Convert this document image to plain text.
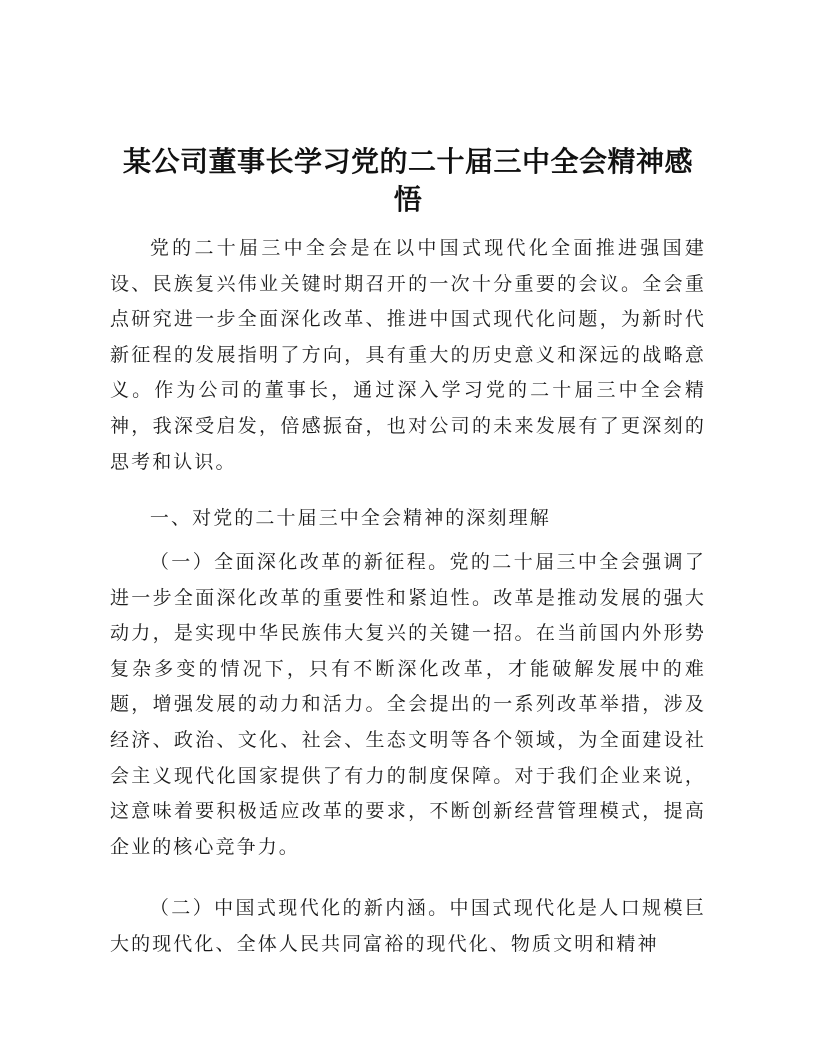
某公司董事长学习党的二十届三中全会精神感悟

党的二十届三中全会是在以中国式现代化全面推进强国建设、民族复兴伟业关键时期召开的一次十分重要的会议。全会重点研究进一步全面深化改革、推进中国式现代化问题，为新时代新征程的发展指明了方向，具有重大的历史意义和深远的战略意义。作为公司的董事长，通过深入学习党的二十届三中全会精神，我深受启发，倍感振奋，也对公司的未来发展有了更深刻的思考和认识。

一、对党的二十届三中全会精神的深刻理解

（一）全面深化改革的新征程。党的二十届三中全会强调了进一步全面深化改革的重要性和紧迫性。改革是推动发展的强大动力，是实现中华民族伟大复兴的关键一招。在当前国内外形势复杂多变的情况下，只有不断深化改革，才能破解发展中的难题，增强发展的动力和活力。全会提出的一系列改革举措，涉及经济、政治、文化、社会、生态文明等各个领域，为全面建设社会主义现代化国家提供了有力的制度保障。对于我们企业来说，这意味着要积极适应改革的要求，不断创新经营管理模式，提高企业的核心竞争力。

（二）中国式现代化的新内涵。中国式现代化是人口规模巨大的现代化、全体人民共同富裕的现代化、物质文明和精神
